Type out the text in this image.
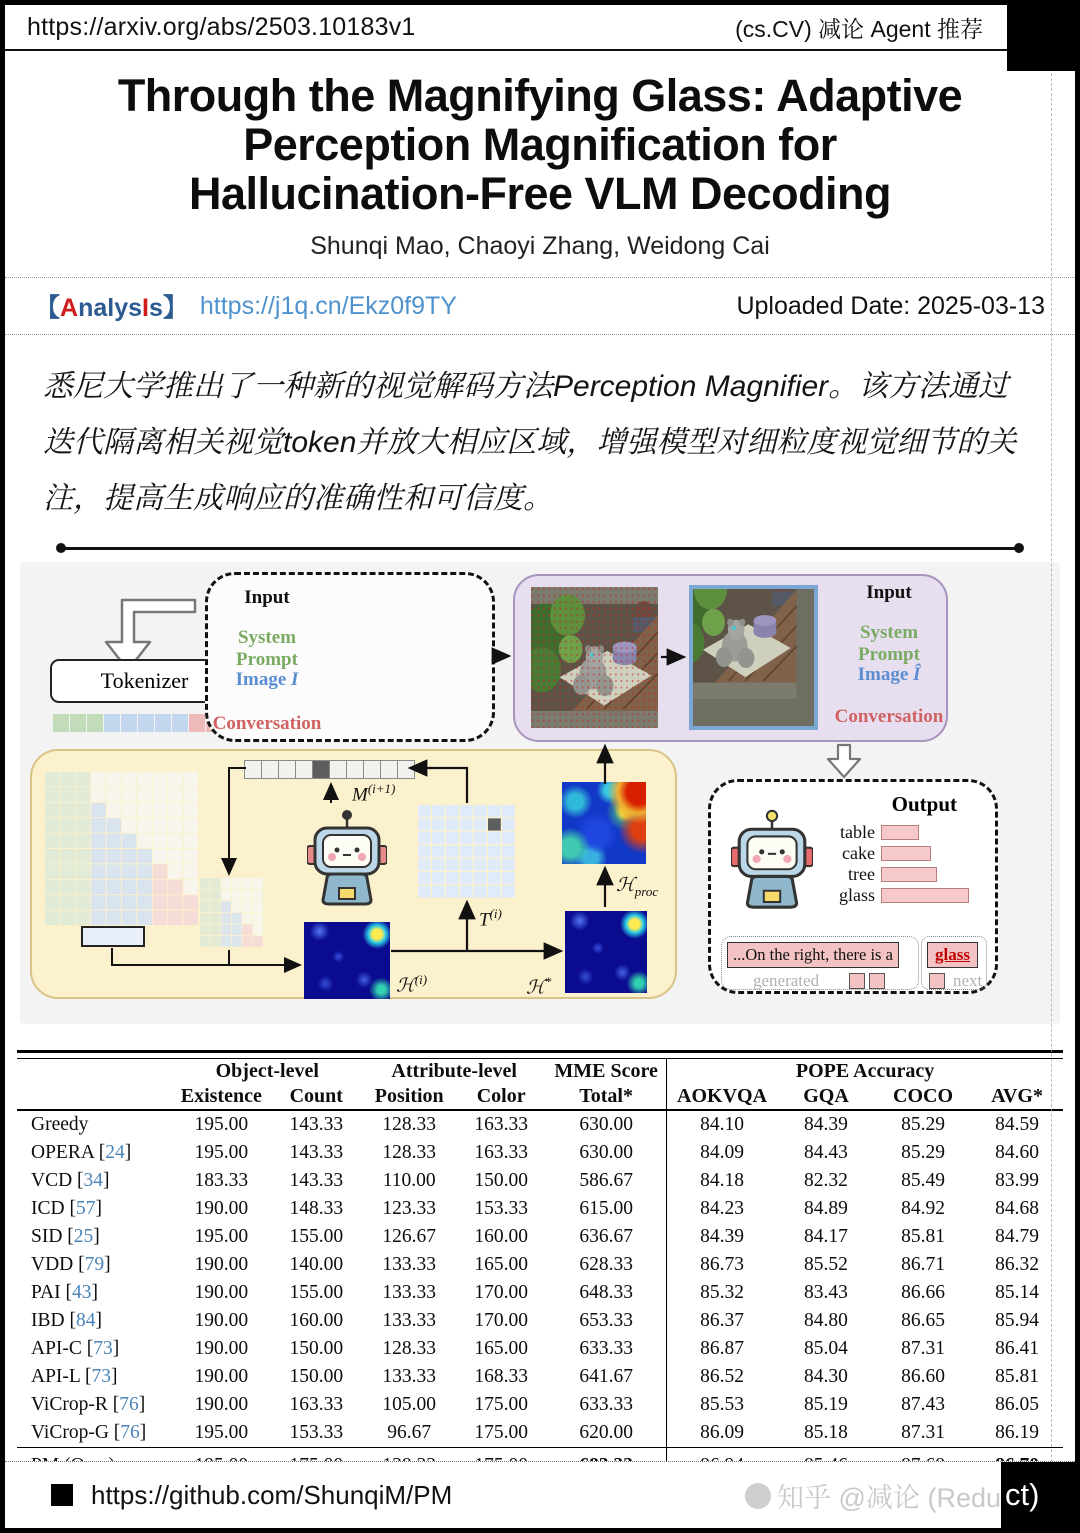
https://arxiv.org/abs/2503.10183v1	(cs.CV) 减论 Agent 推荐
Through the Magnifying Glass: Adaptive
Perception Magnification for
Hallucination-Free VLM Decoding
Shunqi Mao, Chaoyi Zhang, Weidong Cai
【AnalysIs】 https://j1q.cn/Ekz0f9TY	Uploaded Date: 2025-03-13
悉尼大学推出了一种新的视觉解码方法Perception Magnifier。该方法通过迭代隔离相关视觉token并放大相应区域，增强模型对细粒度视觉细节的关注，提高生成响应的准确性和可信度。
Tokenizer
Input
System Prompt
Image I
Conversation
Input
System Prompt
Image Î
Conversation
$M^{(i+1)}$
$T^{(i)}$
ℋ$^{(i)}$	ℋ*
ℋ$_{proc}$
Output
table
cake
tree
glass
...On the right, there is a	glass
generated	next
	Object-level		Attribute-level		MME Score	POPE Accuracy			
	Existence	Count	Position	Color	Total*	AOKVQA	GQA	COCO	AVG*
Greedy	195.00	143.33	128.33	163.33	630.00	84.10	84.39	85.29	84.59
OPERA [24]	195.00	143.33	128.33	163.33	630.00	84.09	84.43	85.29	84.60
VCD [34]	183.33	143.33	110.00	150.00	586.67	84.18	82.32	85.49	83.99
ICD [57]	190.00	148.33	123.33	153.33	615.00	84.23	84.89	84.92	84.68
SID [25]	195.00	155.00	126.67	160.00	636.67	84.39	84.17	85.81	84.79
VDD [79]	190.00	140.00	133.33	165.00	628.33	86.73	85.52	86.71	86.32
PAI [43]	190.00	155.00	133.33	170.00	648.33	85.32	83.43	86.66	85.14
IBD [84]	190.00	160.00	133.33	170.00	653.33	86.37	84.80	86.65	85.94
API-C [73]	190.00	150.00	128.33	165.00	633.33	86.87	85.04	87.31	86.41
API-L [73]	190.00	150.00	133.33	168.33	641.67	86.52	84.30	86.60	85.81
ViCrop-R [76]	190.00	163.33	105.00	175.00	633.33	85.53	85.19	87.43	86.05
ViCrop-G [76]	195.00	153.33	96.67	175.00	620.00	86.09	85.18	87.31	86.19

https://github.com/ShunqiM/PM	知乎 @减论 (Redu ct)
